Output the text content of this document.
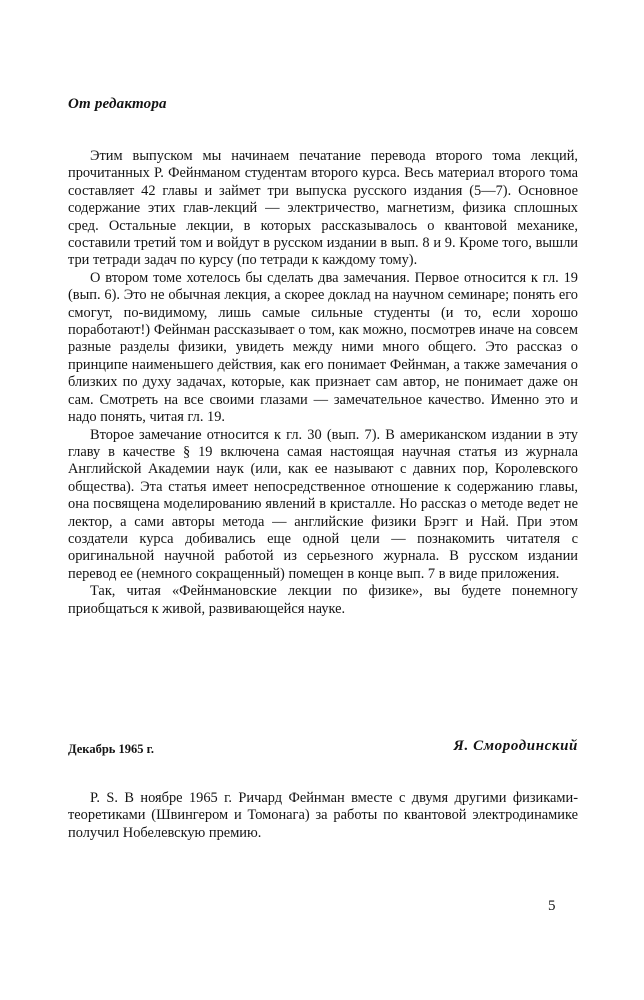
От редактора

Этим выпуском мы начинаем печатание перевода второго тома лекций, прочитанных Р. Фейнманом студентам второго курса. Весь материал второго тома составляет 42 главы и займет три выпуска русского издания (5—7). Основное содержание этих глав-лекций — электричество, магнетизм, физика сплошных сред. Остальные лекции, в которых рассказывалось о квантовой механике, составили третий том и войдут в русском издании в вып. 8 и 9. Кроме того, вышли три тетради задач по курсу (по тетради к каждому тому).

О втором томе хотелось бы сделать два замечания. Первое относится к гл. 19 (вып. 6). Это не обычная лекция, а скорее доклад на научном семинаре; понять его смогут, по-видимому, лишь самые сильные студенты (и то, если хорошо поработают!) Фейнман рассказывает о том, как можно, посмотрев иначе на совсем разные разделы физики, увидеть между ними много общего. Это рассказ о принципе наименьшего действия, как его понимает Фейнман, а также замечания о близких по духу задачах, которые, как признает сам автор, не понимает даже он сам. Смотреть на все своими глазами — замечательное качество. Именно это и надо понять, читая гл. 19.

Второе замечание относится к гл. 30 (вып. 7). В американском издании в эту главу в качестве § 19 включена самая настоящая научная статья из журнала Английской Академии наук (или, как ее называют с давних пор, Королевского общества). Эта статья имеет непосредственное отношение к содержанию главы, она посвящена моделированию явлений в кристалле. Но рассказ о методе ведет не лектор, а сами авторы метода — английские физики Брэгг и Най. При этом создатели курса добивались еще одной цели — познакомить читателя с оригинальной научной работой из серьезного журнала. В русском издании перевод ее (немного сокращенный) помещен в конце вып. 7 в виде приложения.

Так, читая «Фейнмановские лекции по физике», вы будете понемногу приобщаться к живой, развивающейся науке.

Декабрь 1965 г.	Я. Смородинский

P. S. В ноябре 1965 г. Ричард Фейнман вместе с двумя другими физиками-теоретиками (Швингером и Томонага) за работы по квантовой электродинамике получил Нобелевскую премию.

5
